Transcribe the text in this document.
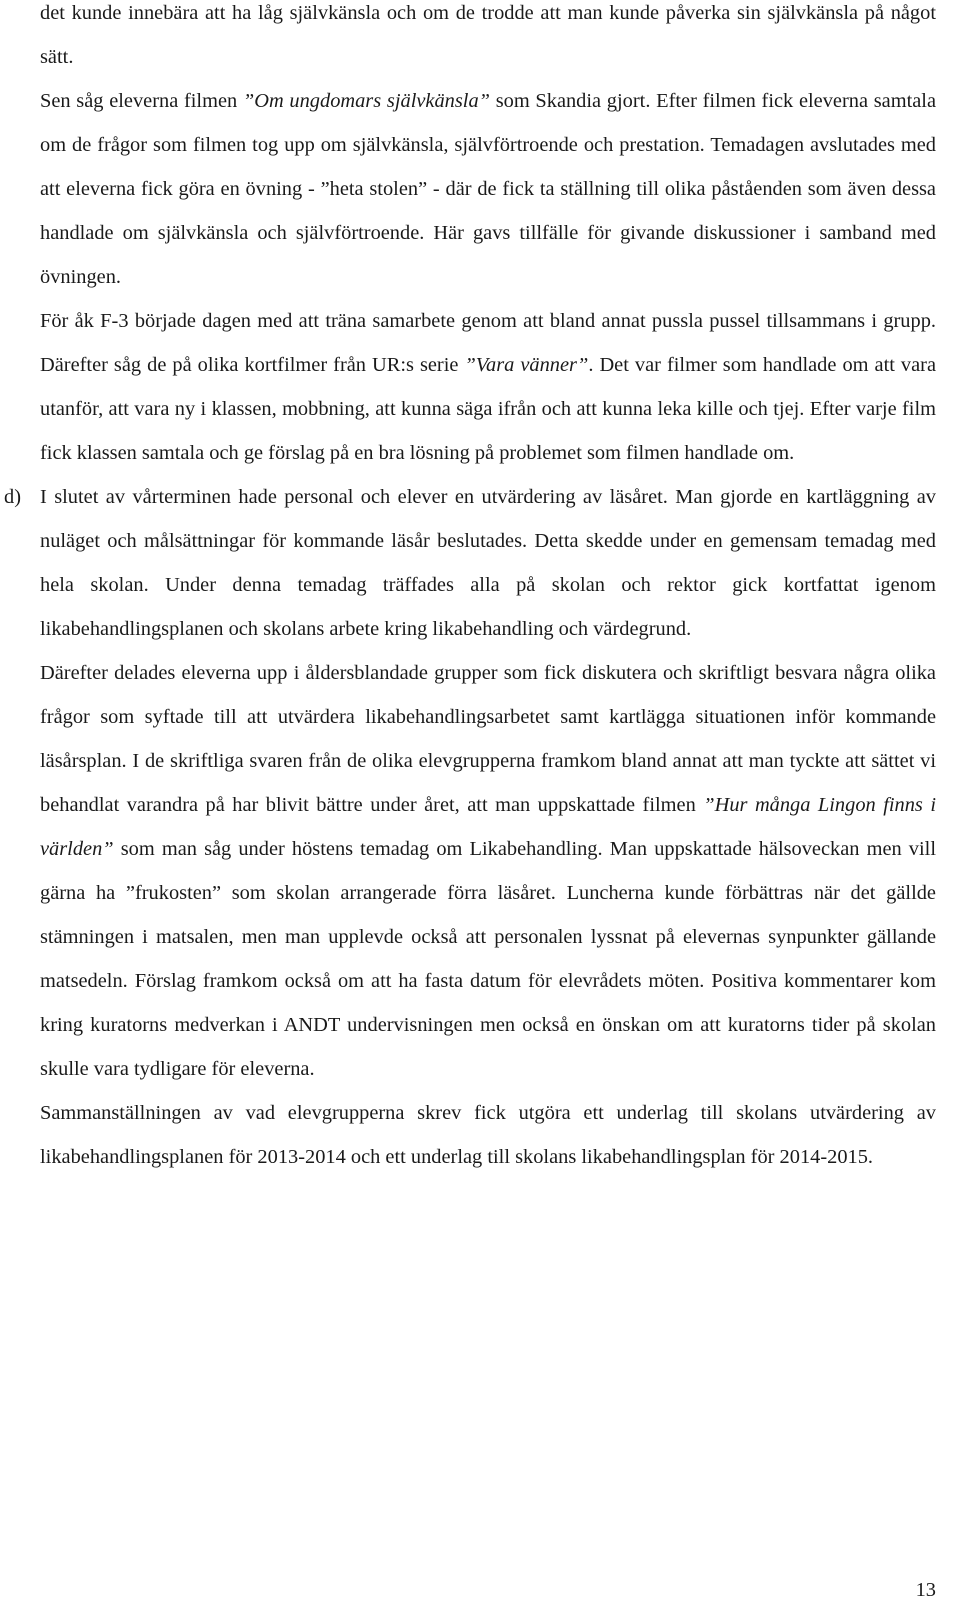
det kunde innebära att ha låg självkänsla och om de trodde att man kunde påverka sin självkänsla på något sätt.

Sen såg eleverna filmen ”Om ungdomars självkänsla” som Skandia gjort. Efter filmen fick eleverna samtala om de frågor som filmen tog upp om självkänsla, självförtroende och prestation. Temadagen avslutades med att eleverna fick göra en övning - ”heta stolen” - där de fick ta ställning till olika påståenden som även dessa handlade om självkänsla och självförtroende. Här gavs tillfälle för givande diskussioner i samband med övningen.

För åk F-3 började dagen med att träna samarbete genom att bland annat pussla pussel tillsammans i grupp. Därefter såg de på olika kortfilmer från UR:s serie ”Vara vänner”. Det var filmer som handlade om att vara utanför, att vara ny i klassen, mobbning, att kunna säga ifrån och att kunna leka kille och tjej. Efter varje film fick klassen samtala och ge förslag på en bra lösning på problemet som filmen handlade om.

d) I slutet av vårterminen hade personal och elever en utvärdering av läsåret. Man gjorde en kartläggning av nuläget och målsättningar för kommande läsår beslutades. Detta skedde under en gemensam temadag med hela skolan. Under denna temadag träffades alla på skolan och rektor gick kortfattat igenom likabehandlingsplanen och skolans arbete kring likabehandling och värdegrund.

Därefter delades eleverna upp i åldersblandade grupper som fick diskutera och skriftligt besvara några olika frågor som syftade till att utvärdera likabehandlingsarbetet samt kartlägga situationen inför kommande läsårsplan. I de skriftliga svaren från de olika elevgrupperna framkom bland annat att man tyckte att sättet vi behandlat varandra på har blivit bättre under året, att man uppskattade filmen ”Hur många Lingon finns i världen” som man såg under höstens temadag om Likabehandling. Man uppskattade hälsoveckan men vill gärna ha ”frukosten” som skolan arrangerade förra läsåret. Luncherna kunde förbättras när det gällde stämningen i matsalen, men man upplevde också att personalen lyssnat på elevernas synpunkter gällande matsedeln. Förslag framkom också om att ha fasta datum för elevrådets möten. Positiva kommentarer kom kring kuratorns medverkan i ANDT undervisningen men också en önskan om att kuratorns tider på skolan skulle vara tydligare för eleverna.

Sammanställningen av vad elevgrupperna skrev fick utgöra ett underlag till skolans utvärdering av likabehandlingsplanen för 2013-2014 och ett underlag till skolans likabehandlingsplan för 2014-2015.

13
